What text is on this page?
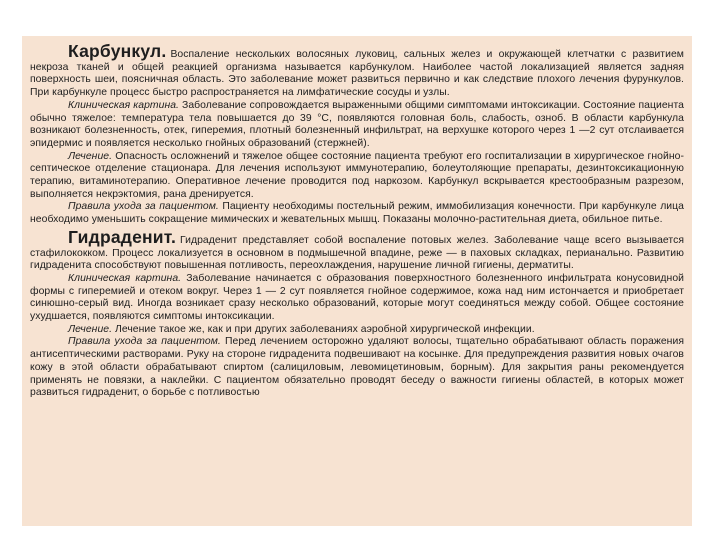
Карбункул. Воспаление нескольких волосяных луковиц, сальных желез и окружающей клетчатки с развитием некроза тканей и общей реакцией организма называется карбункулом. Наиболее частой локализацией является задняя поверхность шеи, поясничная область. Это заболевание может развиться первично и как следствие плохого лечения фурункулов. При карбункуле процесс быстро распространяется на лимфатические сосуды и узлы.

Клиническая картина. Заболевание сопровождается выраженными общими симптомами интоксикации. Состояние пациента обычно тяжелое: температура тела повышается до 39 °С, появляются головная боль, слабость, озноб. В области карбункула возникают болезненность, отек, гиперемия, плотный болезненный инфильтрат, на верхушке которого через 1 —2 сут отслаивается эпидермис и появляется несколько гнойных образований (стержней).

Лечение. Опасность осложнений и тяжелое общее состояние пациента требуют его госпитализации в хирургическое гнойно-септическое отделение стационара. Для лечения используют иммунотерапию, болеутоляющие препараты, дезинтоксикационную терапию, витаминотерапию. Оперативное лечение проводится под наркозом. Карбункул вскрывается крестообразным разрезом, выполняется некрэктомия, рана дренируется.

Правила ухода за пациентом. Пациенту необходимы постельный режим, иммобилизация конечности. При карбункуле лица необходимо уменьшить сокращение мимических и жевательных мышц. Показаны молочно-растительная диета, обильное питье.

Гидраденит. Гидраденит представляет собой воспаление потовых желез. Заболевание чаще всего вызывается стафилококком. Процесс локализуется в основном в подмышечной впадине, реже — в паховых складках, перианально. Развитию гидраденита способствуют повышенная потливость, переохлаждения, нарушение личной гигиены, дерматиты.

Клиническая картина. Заболевание начинается с образования поверхностного болезненного инфильтрата конусовидной формы с гиперемией и отеком вокруг. Через 1 — 2 сут появляется гнойное содержимое, кожа над ним истончается и приобретает синюшно-серый вид. Иногда возникает сразу несколько образований, которые могут соединяться между собой. Общее состояние ухудшается, появляются симптомы интоксикации.

Лечение. Лечение такое же, как и при других заболеваниях аэробной хирургической инфекции.

Правила ухода за пациентом. Перед лечением осторожно удаляют волосы, тщательно обрабатывают область поражения антисептическими растворами. Руку на стороне гидраденита подвешивают на косынке. Для предупреждения развития новых очагов кожу в этой области обрабатывают спиртом (салициловым, левомицетиновым, борным). Для закрытия раны рекомендуется применять не повязки, а наклейки. С пациентом обязательно проводят беседу о важности гигиены областей, в которых может развиться гидраденит, о борьбе с потливостью
